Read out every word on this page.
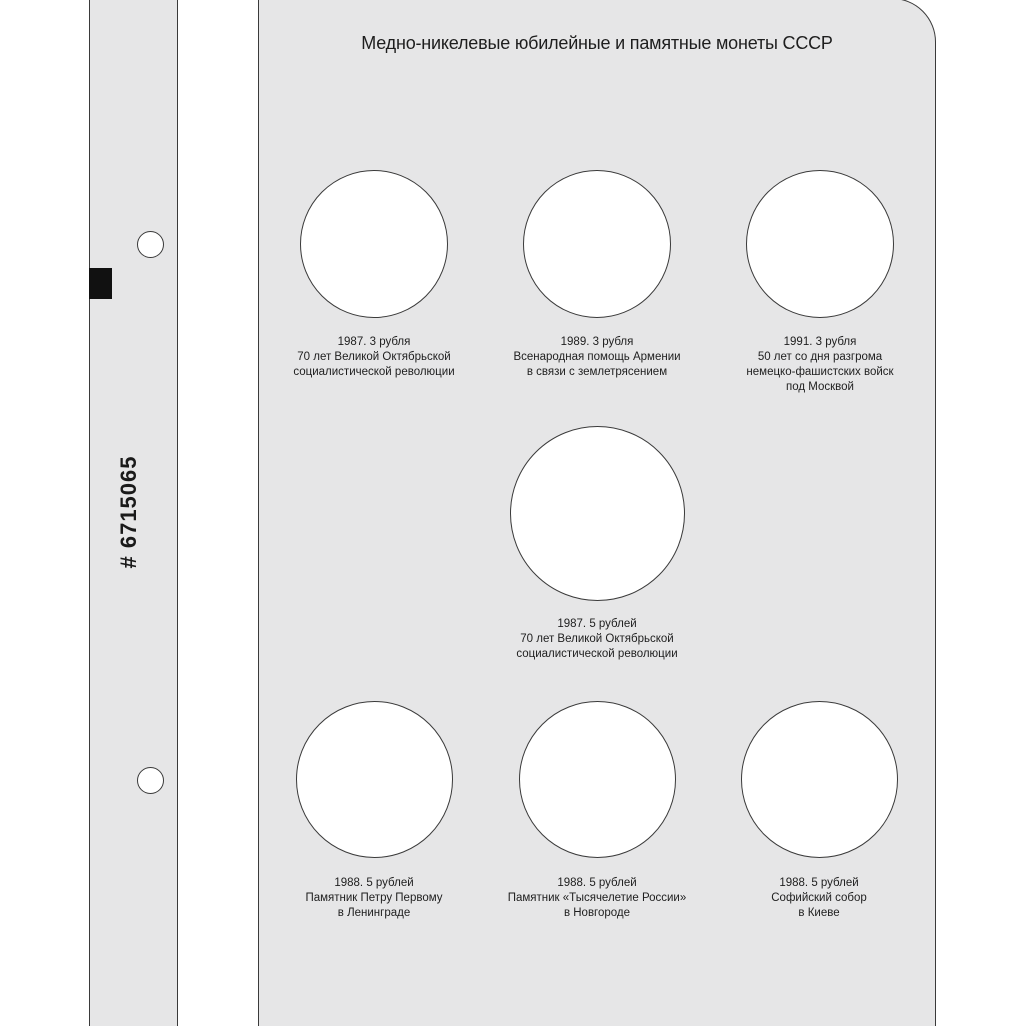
# 6715065
Медно-никелевые юбилейные и памятные монеты СССР
1987. 3 рубля
70 лет Великой Октябрьской
социалистической революции
1989. 3 рубля
Всенародная помощь Армении
в связи с землетрясением
1991. 3 рубля
50 лет со дня разгрома
немецко-фашистских войск
под Москвой
1987. 5 рублей
70 лет Великой Октябрьской
социалистической революции
1988. 5 рублей
Памятник Петру Первому
в Ленинграде
1988. 5 рублей
Памятник «Тысячелетие России»
в Новгороде
1988. 5 рублей
Софийский собор
в Киеве
